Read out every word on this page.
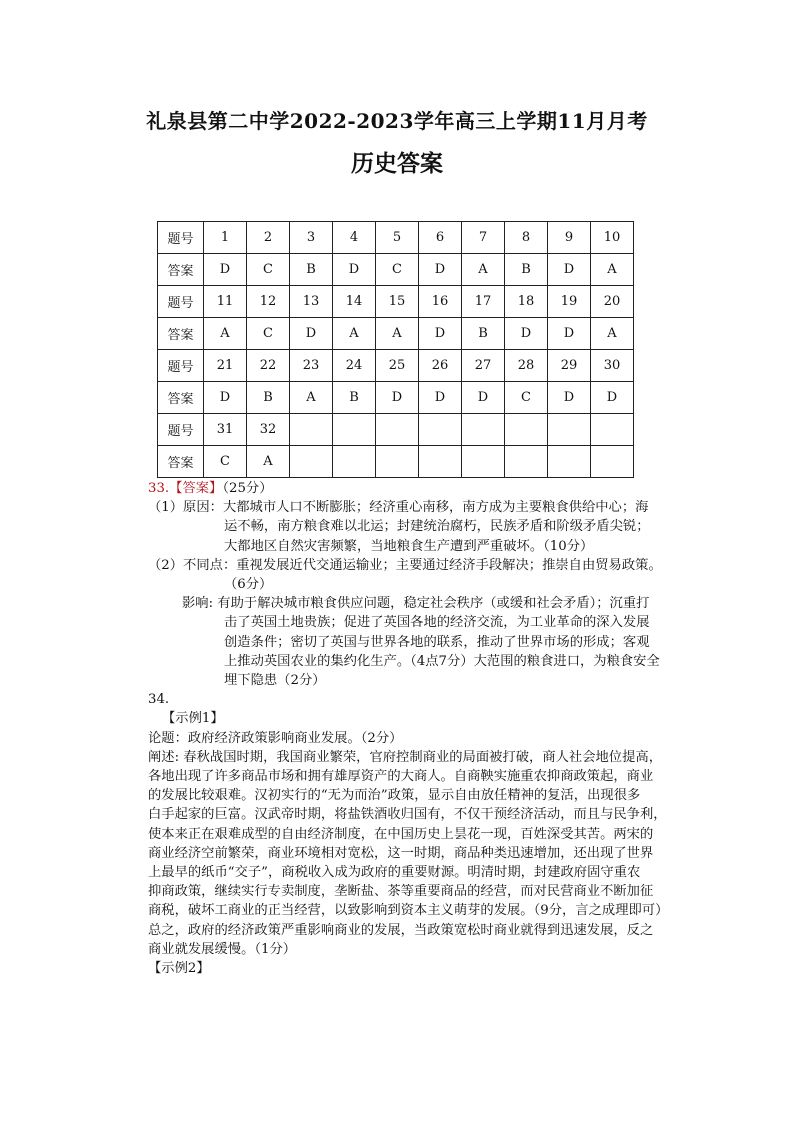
礼泉县第二中学2022-2023学年高三上学期11月月考
历史答案
题号	1	2	3	4	5	6	7	8	9	10
答案	D	C	B	D	C	D	A	B	D	A
题号	11	12	13	14	15	16	17	18	19	20
答案	A	C	D	A	A	D	B	D	D	A
题号	21	22	23	24	25	26	27	28	29	30
答案	D	B	A	B	D	D	D	C	D	D
题号	31	32								
答案	C	A								
33.【答案】（25分）
（1）原因：大都城市人口不断膨胀；经济重心南移，南方成为主要粮食供给中心；海
运不畅，南方粮食难以北运；封建统治腐朽，民族矛盾和阶级矛盾尖锐；
大都地区自然灾害频繁，当地粮食生产遭到严重破坏。（10分）
（2）不同点：重视发展近代交通运输业；主要通过经济手段解决；推崇自由贸易政策。
（6分）
影响: 有助于解决城市粮食供应问题，稳定社会秩序（或缓和社会矛盾）；沉重打
击了英国土地贵族；促进了英国各地的经济交流，为工业革命的深入发展
创造条件；密切了英国与世界各地的联系，推动了世界市场的形成；客观
上推动英国农业的集约化生产。（4点7分）大范围的粮食进口，为粮食安全
埋下隐患（2分）
34.
【示例1】
论题：政府经济政策影响商业发展。（2分）
阐述: 春秋战国时期，我国商业繁荣，官府控制商业的局面被打破，商人社会地位提高，
各地出现了许多商品市场和拥有雄厚资产的大商人。自商鞅实施重农抑商政策起，商业
的发展比较艰难。汉初实行的“无为而治”政策，显示自由放任精神的复活，出现很多
白手起家的巨富。汉武帝时期，将盐铁酒收归国有，不仅干预经济活动，而且与民争利，
使本来正在艰难成型的自由经济制度，在中国历史上昙花一现，百姓深受其苦。两宋的
商业经济空前繁荣，商业环境相对宽松，这一时期，商品种类迅速增加，还出现了世界
上最早的纸币“交子”，商税收入成为政府的重要财源。明清时期，封建政府固守重农
抑商政策，继续实行专卖制度，垄断盐、茶等重要商品的经营，而对民营商业不断加征
商税，破坏工商业的正当经营，以致影响到资本主义萌芽的发展。（9分，言之成理即可）
总之，政府的经济政策严重影响商业的发展，当政策宽松时商业就得到迅速发展，反之
商业就发展缓慢。（1分）
【示例2】
